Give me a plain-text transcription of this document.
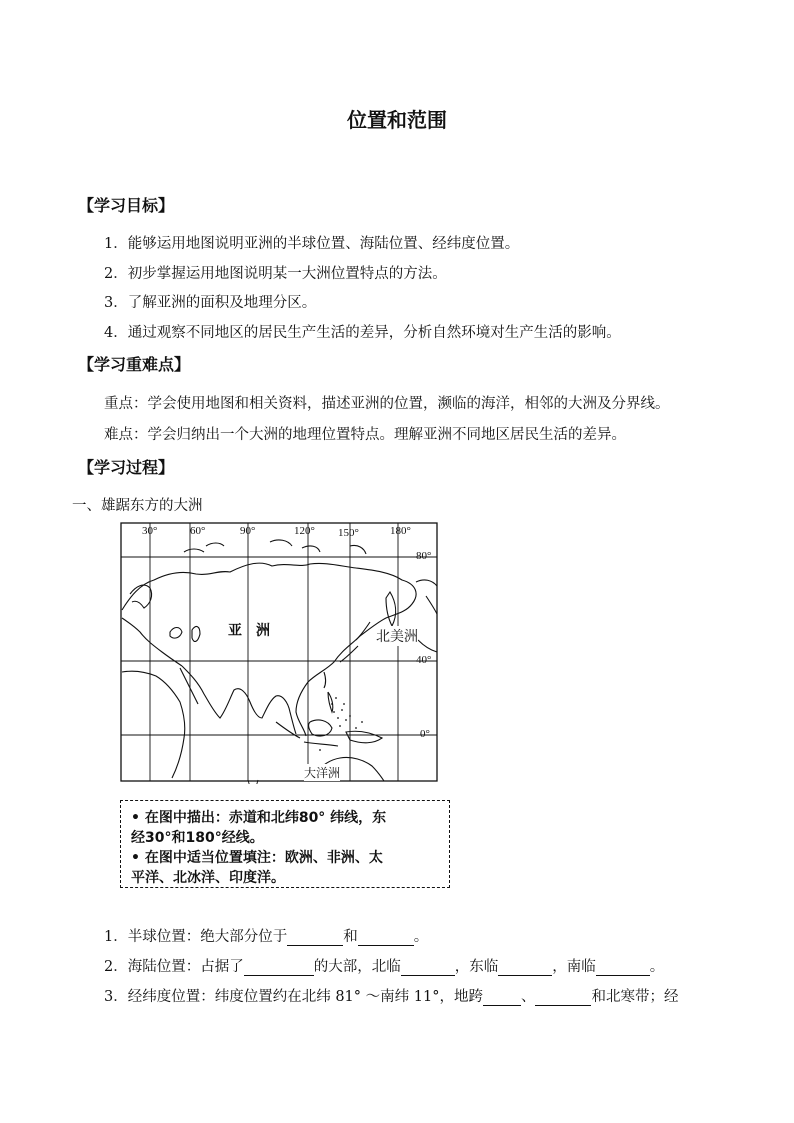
位置和范围
【学习目标】
1．能够运用地图说明亚洲的半球位置、海陆位置、经纬度位置。
2．初步掌握运用地图说明某一大洲位置特点的方法。
3．了解亚洲的面积及地理分区。
4．通过观察不同地区的居民生产生活的差异，分析自然环境对生产生活的影响。
【学习重难点】
重点：学会使用地图和相关资料，描述亚洲的位置，濒临的海洋，相邻的大洲及分界线。
难点：学会归纳出一个大洲的地理位置特点。理解亚洲不同地区居民生活的差异。
【学习过程】
一、雄踞东方的大洲
30°	60°	90°	120° 150°	180°
80°
40°
0°
亚　洲	北美洲
大洋洲
• 在图中描出：赤道和北纬80° 纬线，东
经30°和180°经线。
• 在图中适当位置填注：欧洲、非洲、太
平洋、北冰洋、印度洋。
1．半球位置：绝大部分位于	和	。
2．海陆位置：占据了	的大部，北临	，东临	，南临	。
3．经纬度位置：纬度位置约在北纬 81° ～南纬 11°，地跨	、	和北寒带；经
